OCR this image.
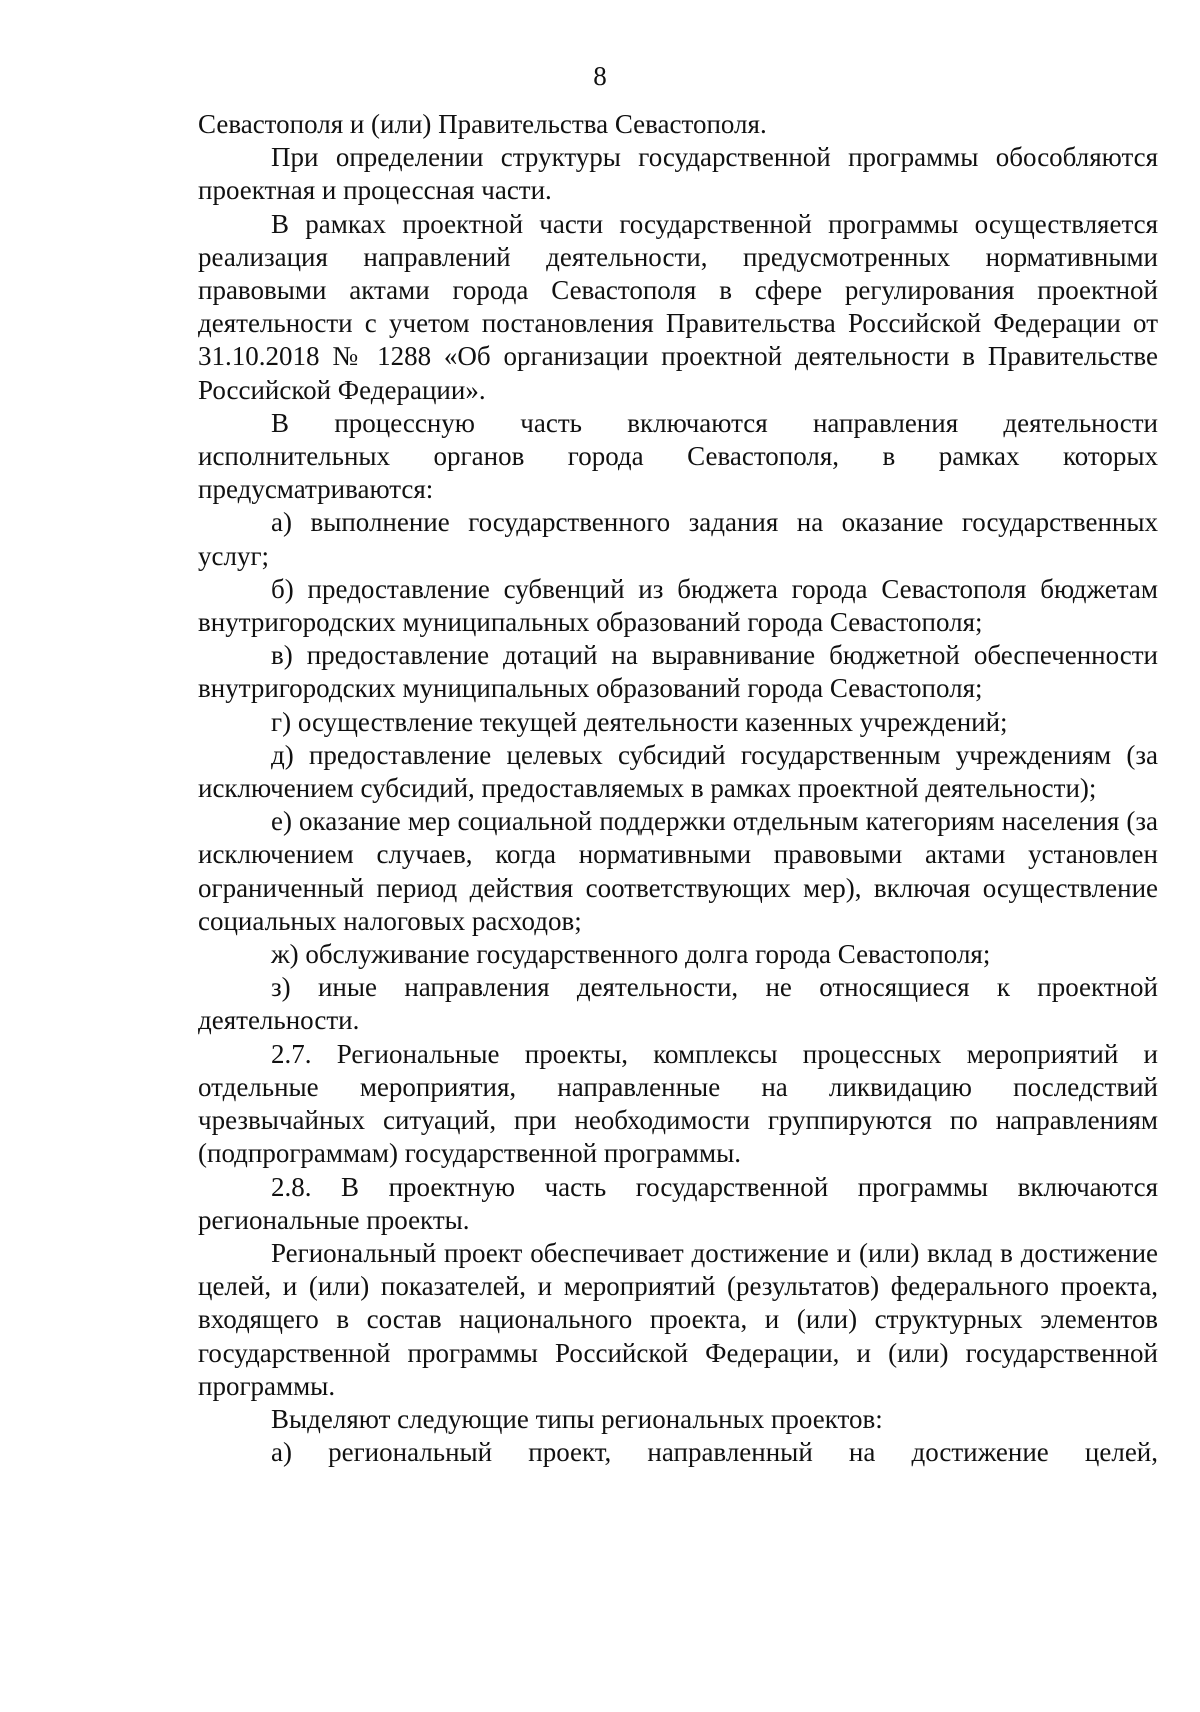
8

Севастополя и (или) Правительства Севастополя.

При определении структуры государственной программы обособляются проектная и процессная части.

В рамках проектной части государственной программы осуществляется реализация направлений деятельности, предусмотренных нормативными правовыми актами города Севастополя в сфере регулирования проектной деятельности с учетом постановления Правительства Российской Федерации от 31.10.2018 № 1288 «Об организации проектной деятельности в Правительстве Российской Федерации».

В процессную часть включаются направления деятельности исполнительных органов города Севастополя, в рамках которых предусматриваются:

а) выполнение государственного задания на оказание государственных услуг;

б) предоставление субвенций из бюджета города Севастополя бюджетам внутригородских муниципальных образований города Севастополя;

в) предоставление дотаций на выравнивание бюджетной обеспеченности внутригородских муниципальных образований города Севастополя;

г) осуществление текущей деятельности казенных учреждений;

д) предоставление целевых субсидий государственным учреждениям (за исключением субсидий, предоставляемых в рамках проектной деятельности);

е) оказание мер социальной поддержки отдельным категориям населения (за исключением случаев, когда нормативными правовыми актами установлен ограниченный период действия соответствующих мер), включая осуществление социальных налоговых расходов;

ж) обслуживание государственного долга города Севастополя;

з) иные направления деятельности, не относящиеся к проектной деятельности.

2.7. Региональные проекты, комплексы процессных мероприятий и отдельные мероприятия, направленные на ликвидацию последствий чрезвычайных ситуаций, при необходимости группируются по направлениям (подпрограммам) государственной программы.

2.8. В проектную часть государственной программы включаются региональные проекты.

Региональный проект обеспечивает достижение и (или) вклад в достижение целей, и (или) показателей, и мероприятий (результатов) федерального проекта, входящего в состав национального проекта, и (или) структурных элементов государственной программы Российской Федерации, и (или) государственной программы.

Выделяют следующие типы региональных проектов:

а) региональный проект, направленный на достижение целей,
